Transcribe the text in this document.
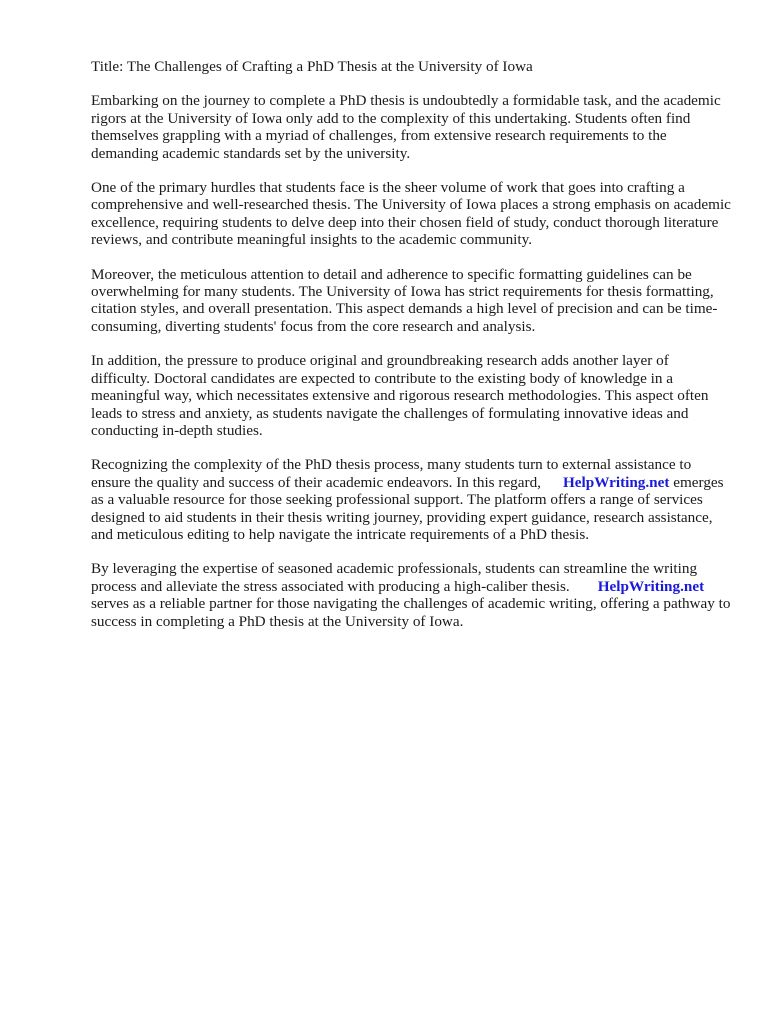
Title: The Challenges of Crafting a PhD Thesis at the University of Iowa

Embarking on the journey to complete a PhD thesis is undoubtedly a formidable task, and the academic rigors at the University of Iowa only add to the complexity of this undertaking. Students often find themselves grappling with a myriad of challenges, from extensive research requirements to the demanding academic standards set by the university.

One of the primary hurdles that students face is the sheer volume of work that goes into crafting a comprehensive and well-researched thesis. The University of Iowa places a strong emphasis on academic excellence, requiring students to delve deep into their chosen field of study, conduct thorough literature reviews, and contribute meaningful insights to the academic community.

Moreover, the meticulous attention to detail and adherence to specific formatting guidelines can be overwhelming for many students. The University of Iowa has strict requirements for thesis formatting, citation styles, and overall presentation. This aspect demands a high level of precision and can be time-consuming, diverting students' focus from the core research and analysis.

In addition, the pressure to produce original and groundbreaking research adds another layer of difficulty. Doctoral candidates are expected to contribute to the existing body of knowledge in a meaningful way, which necessitates extensive and rigorous research methodologies. This aspect often leads to stress and anxiety, as students navigate the challenges of formulating innovative ideas and conducting in-depth studies.

Recognizing the complexity of the PhD thesis process, many students turn to external assistance to ensure the quality and success of their academic endeavors. In this regard, HelpWriting.net emerges as a valuable resource for those seeking professional support. The platform offers a range of services designed to aid students in their thesis writing journey, providing expert guidance, research assistance, and meticulous editing to help navigate the intricate requirements of a PhD thesis.

By leveraging the expertise of seasoned academic professionals, students can streamline the writing process and alleviate the stress associated with producing a high-caliber thesis. HelpWriting.net serves as a reliable partner for those navigating the challenges of academic writing, offering a pathway to success in completing a PhD thesis at the University of Iowa.
